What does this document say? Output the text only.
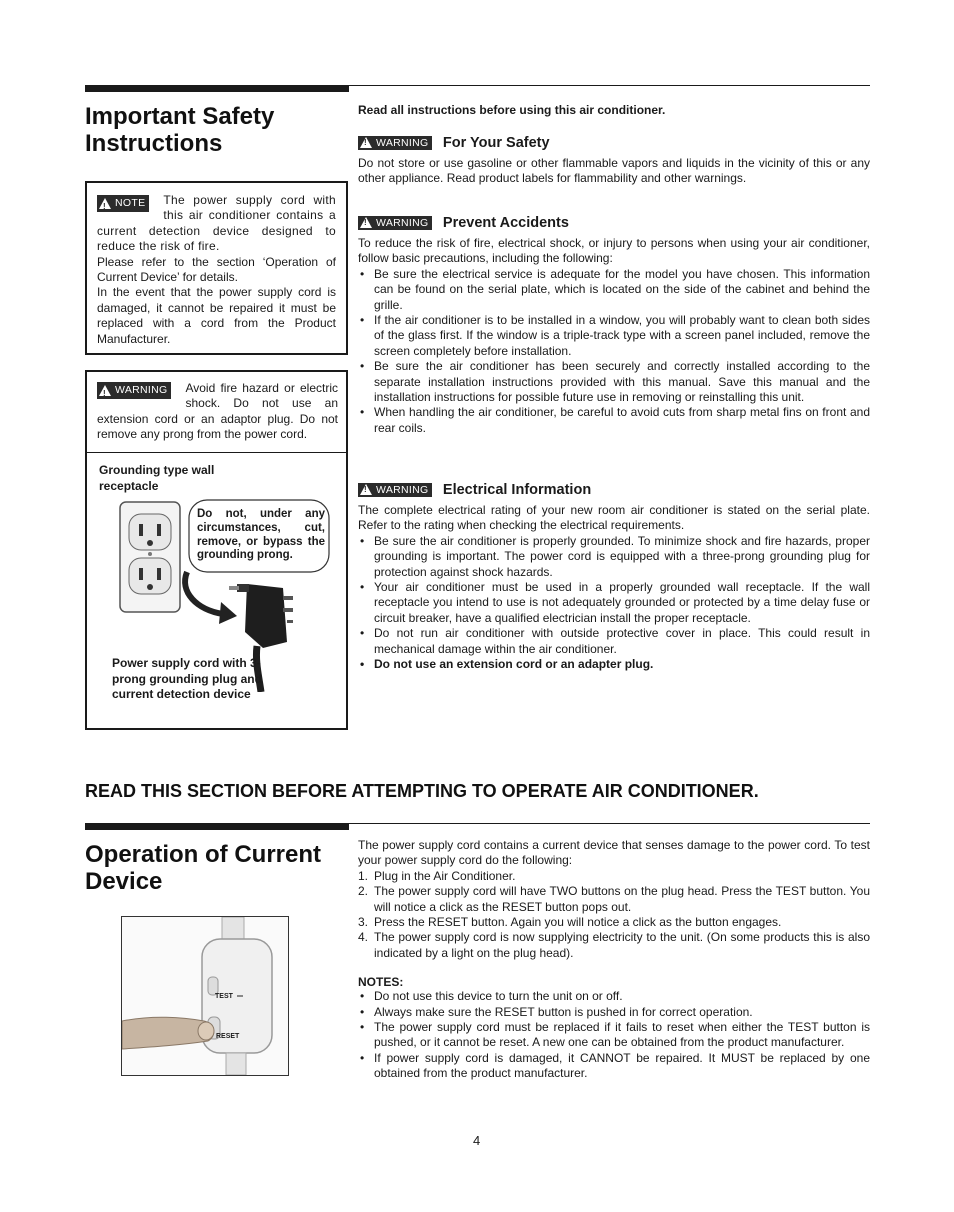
Important Safety
Instructions
!
NOTE The power supply cord with this air conditioner contains a current detection device designed to reduce the risk of fire.
Please refer to the section ‘Operation of Current Device’ for details.
In the event that the power supply cord is damaged, it cannot be repaired it must be replaced with a cord from the Product Manufacturer.
!
WARNING Avoid fire hazard or electric shock. Do not use an extension cord or an adaptor plug. Do not remove any prong from the power cord.
Grounding type wall receptacle
Do not, under any circumstances, cut, remove, or bypass the grounding prong.
Power supply cord with 3-prong grounding plug and current detection device
Read all instructions before using this air conditioner.
!
WARNING For Your Safety
Do not store or use gasoline or other flammable vapors and liquids in the vicinity of this or any other appliance. Read product labels for flammability and other warnings.
!
WARNING Prevent Accidents
To reduce the risk of fire, electrical shock, or injury to persons when using your air conditioner, follow basic precautions, including the following:
• Be sure the electrical service is adequate for the model you have chosen. This information can be found on the serial plate, which is located on the side of the cabinet and behind the grille.
• If the air conditioner is to be installed in a window, you will probably want to clean both sides of the glass first. If the window is a triple-track type with a screen panel included, remove the screen completely before installation.
• Be sure the air conditioner has been securely and correctly installed according to the separate installation instructions provided with this manual. Save this manual and the installation instructions for possible future use in removing or reinstalling this unit.
• When handling the air conditioner, be careful to avoid cuts from sharp metal fins on front and rear coils.
!
WARNING Electrical Information
The complete electrical rating of your new room air conditioner is stated on the serial plate. Refer to the rating when checking the electrical requirements.
• Be sure the air conditioner is properly grounded. To minimize shock and fire hazards, proper grounding is important. The power cord is equipped with a three-prong grounding plug for protection against shock hazards.
• Your air conditioner must be used in a properly grounded wall receptacle. If the wall receptacle you intend to use is not adequately grounded or protected by a time delay fuse or circuit breaker, have a qualified electrician install the proper receptacle.
• Do not run air conditioner with outside protective cover in place. This could result in mechanical damage within the air conditioner.
• Do not use an extension cord or an adapter plug.
READ THIS SECTION BEFORE ATTEMPTING TO OPERATE AIR CONDITIONER.
Operation of Current
Device
TEST
RESET
The power supply cord contains a current device that senses damage to the power cord. To test your power supply cord do the following:
1. Plug in the Air Conditioner.
2. The power supply cord will have TWO buttons on the plug head. Press the TEST button. You will notice a click as the RESET button pops out.
3. Press the RESET button. Again you will notice a click as the button engages.
4. The power supply cord is now supplying electricity to the unit. (On some products this is also indicated by a light on the plug head).
NOTES:
• Do not use this device to turn the unit on or off.
• Always make sure the RESET button is pushed in for correct operation.
• The power supply cord must be replaced if it fails to reset when either the TEST button is pushed, or it cannot be reset. A new one can be obtained from the product manufacturer.
• If power supply cord is damaged, it CANNOT be repaired. It MUST be replaced by one obtained from the product manufacturer.
4
